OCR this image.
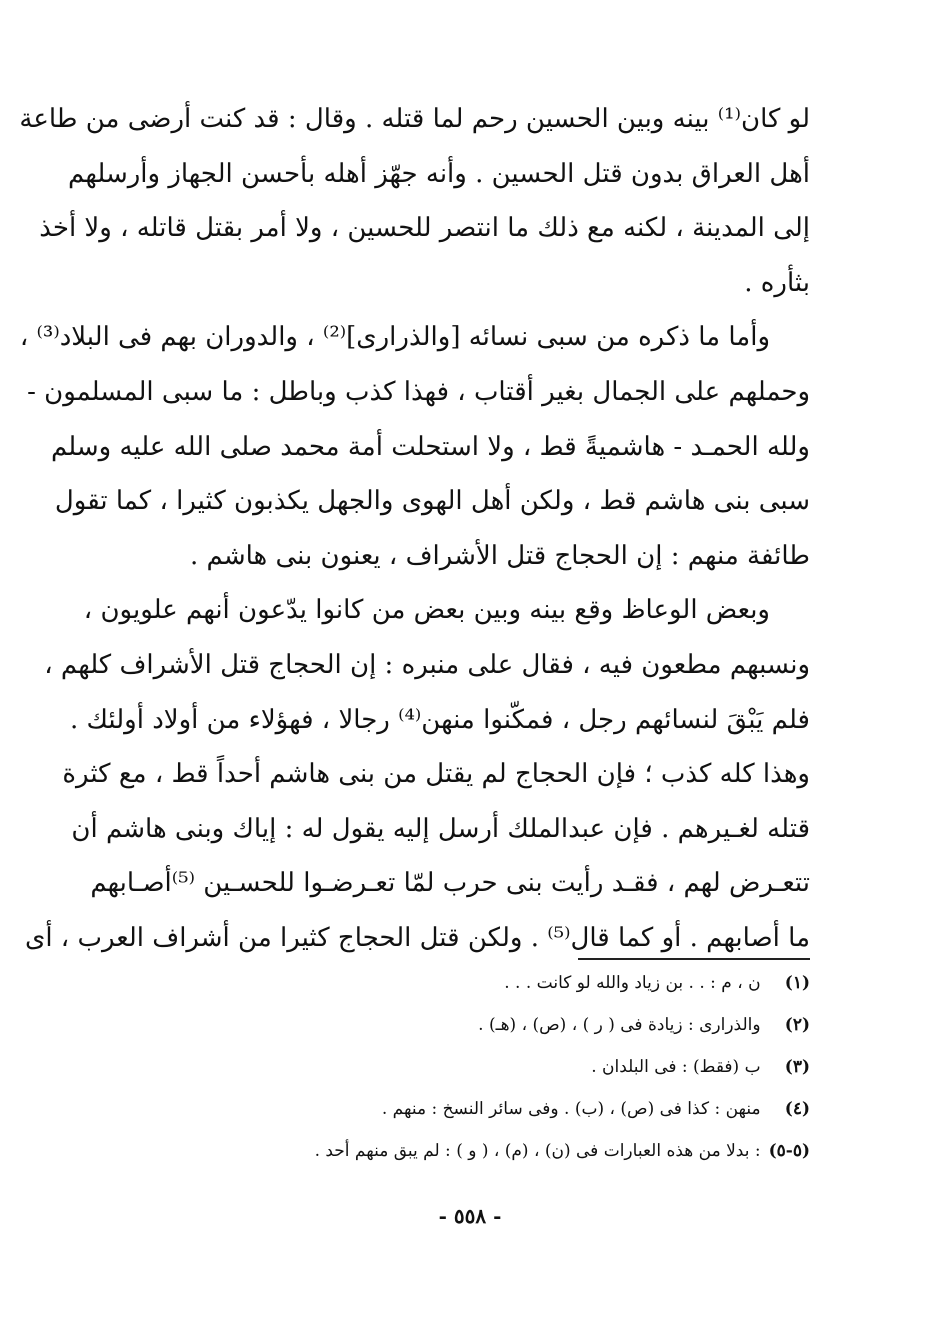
لو كان⁽¹⁾ بينه وبين الحسين رحم لما قتله . وقال : قد كنت أرضى من طاعة
أهل العراق بدون قتل الحسين . وأنه جهّز أهله بأحسن الجهاز وأرسلهم
إلى المدينة ، لكنه مع ذلك ما انتصر للحسين ، ولا أمر بقتل قاتله ، ولا أخذ
بثأره .
وأما ما ذكره من سبى نسائه [والذرارى]⁽²⁾ ، والدوران بهم فى البلاد⁽³⁾ ،
وحملهم على الجمال بغير أقتاب ، فهذا كذب وباطل : ما سبى المسلمون -
ولله الحمـد - هاشميةً قط ، ولا استحلت أمة محمد صلى الله عليه وسلم
سبى بنى هاشم قط ، ولكن أهل الهوى والجهل يكذبون كثيرا ، كما تقول
طائفة منهم : إن الحجاج قتل الأشراف ، يعنون بنى هاشم .
وبعض الوعاظ وقع بينه وبين بعض من كانوا يدّعون أنهم علويون ،
ونسبهم مطعون فيه ، فقال على منبره : إن الحجاج قتل الأشراف كلهم ،
فلم يَبْقَ لنسائهم رجل ، فمكّنوا منهن⁽⁴⁾ رجالا ، فهؤلاء من أولاد أولئك .
وهذا كله كذب ؛ فإن الحجاج لم يقتل من بنى هاشم أحداً قط ، مع كثرة
قتله لغـيرهم . فإن عبدالملك أرسل إليه يقول له : إياك وبنى هاشم أن
تتعـرض لهم ، فقـد رأيت بنى حرب لمّا تعـرضـوا للحسـين ⁽⁵⁾أصـابهم
ما أصابهم . أو كما قال⁽⁵⁾ . ولكن قتل الحجاج كثيرا من أشراف العرب ، أى
(١) ن ، م : . . بن زياد والله لو كانت . . .
(٢) والذرارى : زيادة فى ( ر ) ، (ص) ، (هـ) .
(٣) ب (فقط) : فى البلدان .
(٤) منهن : كذا فى (ص) ، (ب) . وفى سائر النسخ : منهم .
(٥-٥) : بدلا من هذه العبارات فى (ن) ، (م) ، ( و ) : لم يبق منهم أحد .
- ٥٥٨ -
